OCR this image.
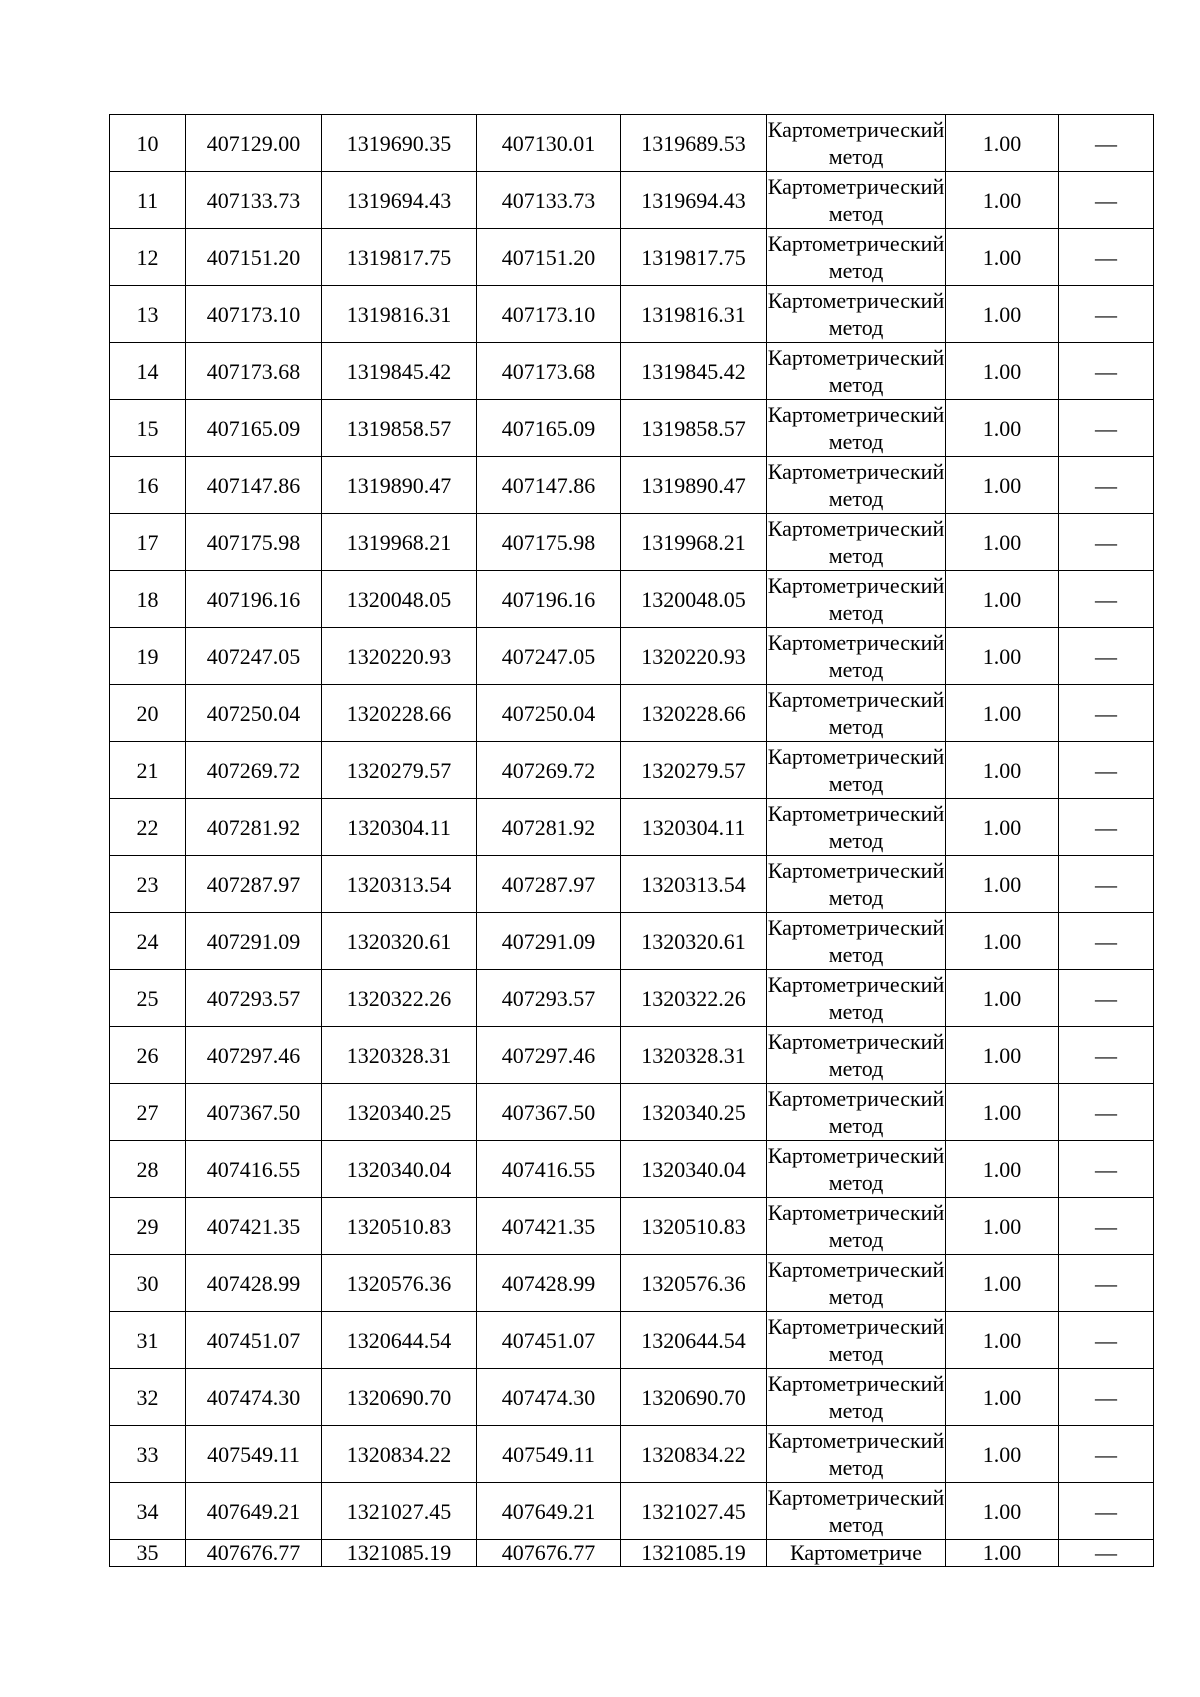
10	407129.00	1319690.35	407130.01	1319689.53	Картометрический метод	1.00	—
11	407133.73	1319694.43	407133.73	1319694.43	Картометрический метод	1.00	—
12	407151.20	1319817.75	407151.20	1319817.75	Картометрический метод	1.00	—
13	407173.10	1319816.31	407173.10	1319816.31	Картометрический метод	1.00	—
14	407173.68	1319845.42	407173.68	1319845.42	Картометрический метод	1.00	—
15	407165.09	1319858.57	407165.09	1319858.57	Картометрический метод	1.00	—
16	407147.86	1319890.47	407147.86	1319890.47	Картометрический метод	1.00	—
17	407175.98	1319968.21	407175.98	1319968.21	Картометрический метод	1.00	—
18	407196.16	1320048.05	407196.16	1320048.05	Картометрический метод	1.00	—
19	407247.05	1320220.93	407247.05	1320220.93	Картометрический метод	1.00	—
20	407250.04	1320228.66	407250.04	1320228.66	Картометрический метод	1.00	—
21	407269.72	1320279.57	407269.72	1320279.57	Картометрический метод	1.00	—
22	407281.92	1320304.11	407281.92	1320304.11	Картометрический метод	1.00	—
23	407287.97	1320313.54	407287.97	1320313.54	Картометрический метод	1.00	—
24	407291.09	1320320.61	407291.09	1320320.61	Картометрический метод	1.00	—
25	407293.57	1320322.26	407293.57	1320322.26	Картометрический метод	1.00	—
26	407297.46	1320328.31	407297.46	1320328.31	Картометрический метод	1.00	—
27	407367.50	1320340.25	407367.50	1320340.25	Картометрический метод	1.00	—
28	407416.55	1320340.04	407416.55	1320340.04	Картометрический метод	1.00	—
29	407421.35	1320510.83	407421.35	1320510.83	Картометрический метод	1.00	—
30	407428.99	1320576.36	407428.99	1320576.36	Картометрический метод	1.00	—
31	407451.07	1320644.54	407451.07	1320644.54	Картометрический метод	1.00	—
32	407474.30	1320690.70	407474.30	1320690.70	Картометрический метод	1.00	—
33	407549.11	1320834.22	407549.11	1320834.22	Картометрический метод	1.00	—
34	407649.21	1321027.45	407649.21	1321027.45	Картометрический метод	1.00	—
35	407676.77	1321085.19	407676.77	1321085.19	Картометриче	1.00	—
